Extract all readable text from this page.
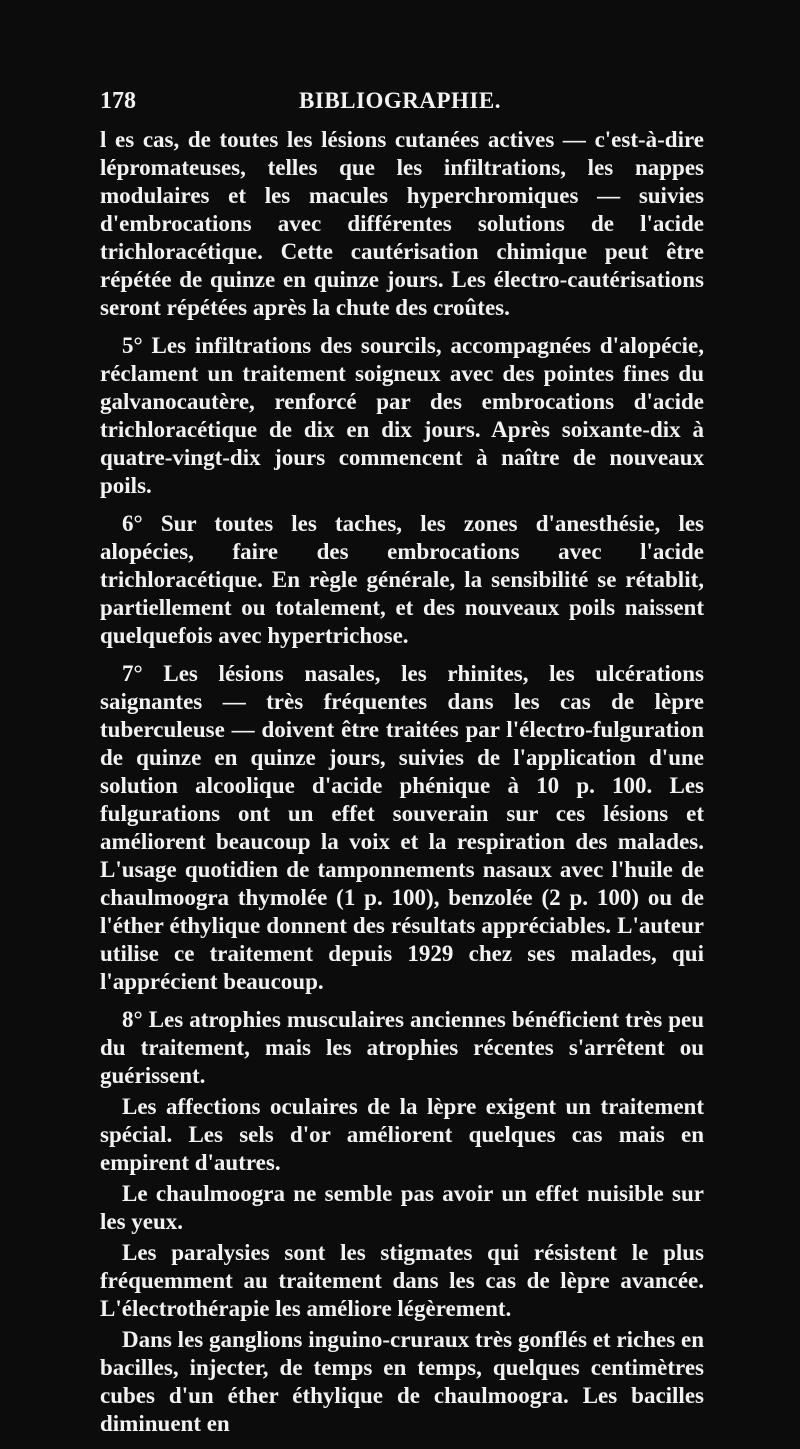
178	BIBLIOGRAPHIE.

l es cas, de toutes les lésions cutanées actives — c'est-à-dire lépromateuses, telles que les infiltrations, les nappes modulaires et les macules hyperchromiques — suivies d'embrocations avec différentes solutions de l'acide trichloracétique. Cette cautérisation chimique peut être répétée de quinze en quinze jours. Les électro-cautérisations seront répétées après la chute des croûtes.

5° Les infiltrations des sourcils, accompagnées d'alopécie, réclament un traitement soigneux avec des pointes fines du galvanocautère, renforcé par des embrocations d'acide trichloracétique de dix en dix jours. Après soixante-dix à quatre-vingt-dix jours commencent à naître de nouveaux poils.

6° Sur toutes les taches, les zones d'anesthésie, les alopécies, faire des embrocations avec l'acide trichloracétique. En règle générale, la sensibilité se rétablit, partiellement ou totalement, et des nouveaux poils naissent quelquefois avec hypertrichose.

7° Les lésions nasales, les rhinites, les ulcérations saignantes — très fréquentes dans les cas de lèpre tuberculeuse — doivent être traitées par l'électro-fulguration de quinze en quinze jours, suivies de l'application d'une solution alcoolique d'acide phénique à 10 p. 100. Les fulgurations ont un effet souverain sur ces lésions et améliorent beaucoup la voix et la respiration des malades. L'usage quotidien de tamponnements nasaux avec l'huile de chaulmoogra thymolée (1 p. 100), benzolée (2 p. 100) ou de l'éther éthylique donnent des résultats appréciables. L'auteur utilise ce traitement depuis 1929 chez ses malades, qui l'apprécient beaucoup.

8° Les atrophies musculaires anciennes bénéficient très peu du traitement, mais les atrophies récentes s'arrêtent ou guérissent.

Les affections oculaires de la lèpre exigent un traitement spécial. Les sels d'or améliorent quelques cas mais en empirent d'autres.

Le chaulmoogra ne semble pas avoir un effet nuisible sur les yeux.

Les paralysies sont les stigmates qui résistent le plus fréquemment au traitement dans les cas de lèpre avancée. L'électrothérapie les améliore légèrement.

Dans les ganglions inguino-cruraux très gonflés et riches en bacilles, injecter, de temps en temps, quelques centimètres cubes d'un éther éthylique de chaulmoogra. Les bacilles diminuent en
